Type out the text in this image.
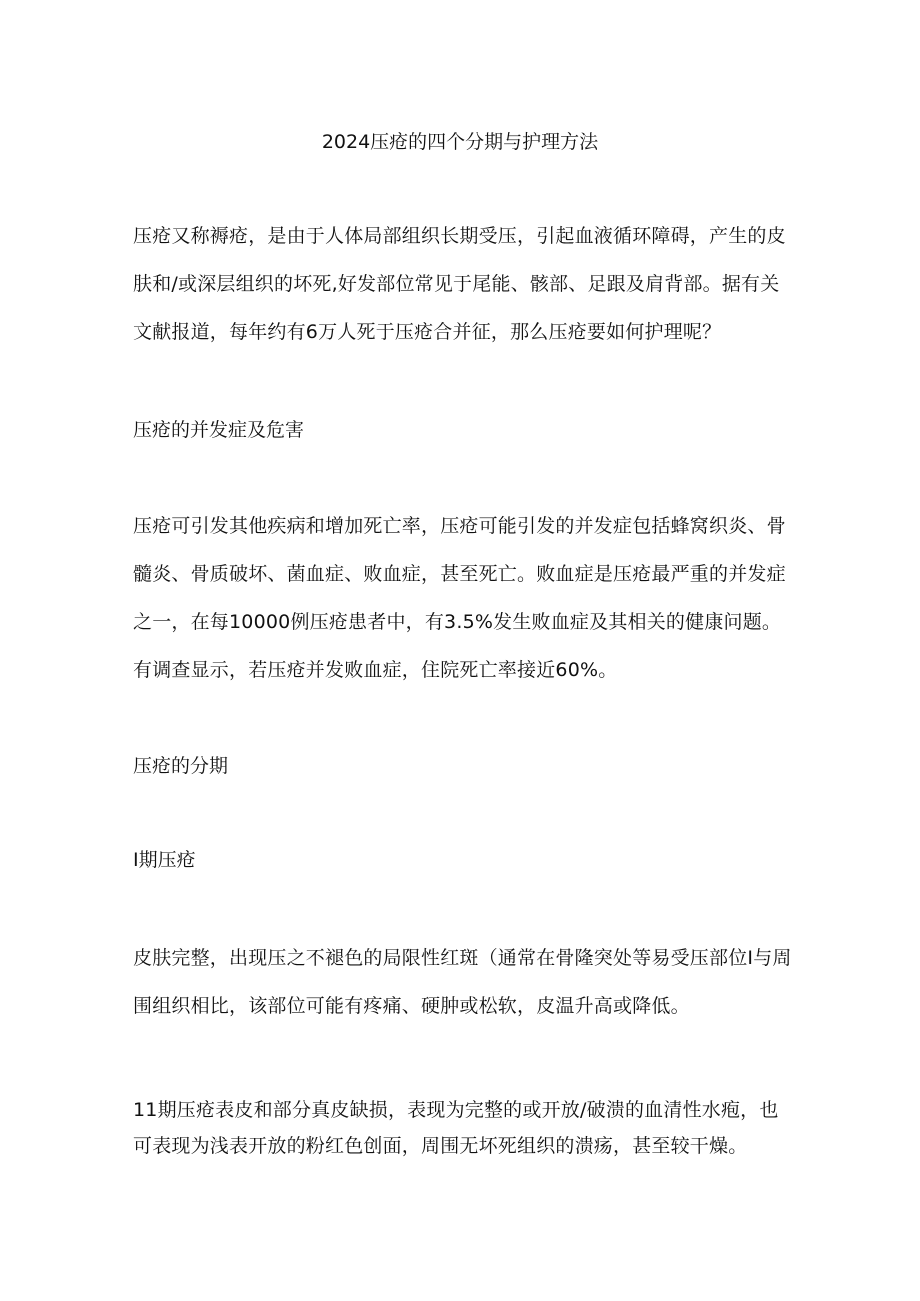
2024压疮的四个分期与护理方法
压疮又称褥疮，是由于人体局部组织长期受压，引起血液循环障碍，产生的皮肤和/或深层组织的坏死,好发部位常见于尾能、骸部、足跟及肩背部。据有关文献报道，每年约有6万人死于压疮合并征，那么压疮要如何护理呢？
压疮的并发症及危害
压疮可引发其他疾病和增加死亡率，压疮可能引发的并发症包括蜂窝织炎、骨髓炎、骨质破坏、菌血症、败血症，甚至死亡。败血症是压疮最严重的并发症之一，在每10000例压疮患者中，有3.5%发生败血症及其相关的健康问题。有调查显示，若压疮并发败血症，住院死亡率接近60%。
压疮的分期
I期压疮
皮肤完整，出现压之不褪色的局限性红斑（通常在骨隆突处等易受压部位I与周围组织相比，该部位可能有疼痛、硬肿或松软，皮温升高或降低。
11期压疮表皮和部分真皮缺损，表现为完整的或开放/破溃的血清性水疱，也可表现为浅表开放的粉红色创面，周围无坏死组织的溃疡，甚至较干燥。
